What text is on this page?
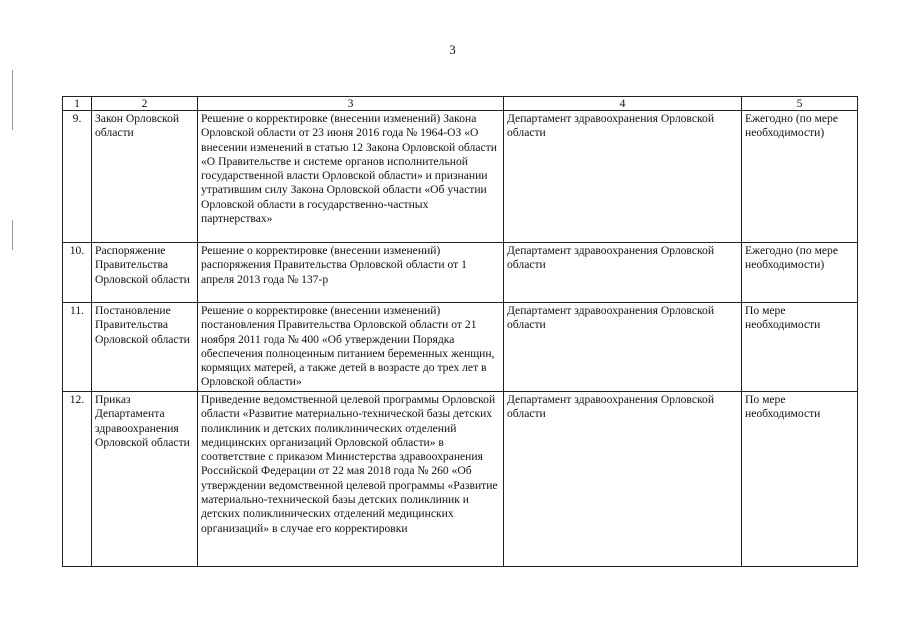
3
1	2	3	4	5
9.	Закон Орловской области	Решение о корректировке (внесении изменений) Закона Орловской области от 23 июня 2016 года № 1964-ОЗ «О внесении изменений в статью 12 Закона Орловской области «О Правительстве и системе органов исполнительной государственной власти Орловской области» и признании утратившим силу Закона Орловской области «Об участии Орловской области в государственно-частных партнерствах»	Департамент здравоохранения Орловской области	Ежегодно (по мере необходимости)
10.	Распоряжение Правительства Орловской области	Решение о корректировке (внесении изменений) распоряжения Правительства Орловской области от 1 апреля 2013 года № 137-р	Департамент здравоохранения Орловской области	Ежегодно (по мере необходимости)
11.	Постановление Правительства Орловской области	Решение о корректировке (внесении изменений) постановления Правительства Орловской области от 21 ноября 2011 года № 400 «Об утверждении Порядка обеспечения полноценным питанием беременных женщин, кормящих матерей, а также детей в возрасте до трех лет в Орловской области»	Департамент здравоохранения Орловской области	По мере необходимости
12.	Приказ Департамента здравоохранения Орловской области	Приведение ведомственной целевой программы Орловской области «Развитие материально-технической базы детских поликлиник и детских поликлинических отделений медицинских организаций Орловской области» в соответствие с приказом Министерства здравоохранения Российской Федерации от 22 мая 2018 года № 260 «Об утверждении ведомственной целевой программы «Развитие материально-технической базы детских поликлиник и детских поликлинических отделений медицинских организаций» в случае его корректировки	Департамент здравоохранения Орловской области	По мере необходимости
